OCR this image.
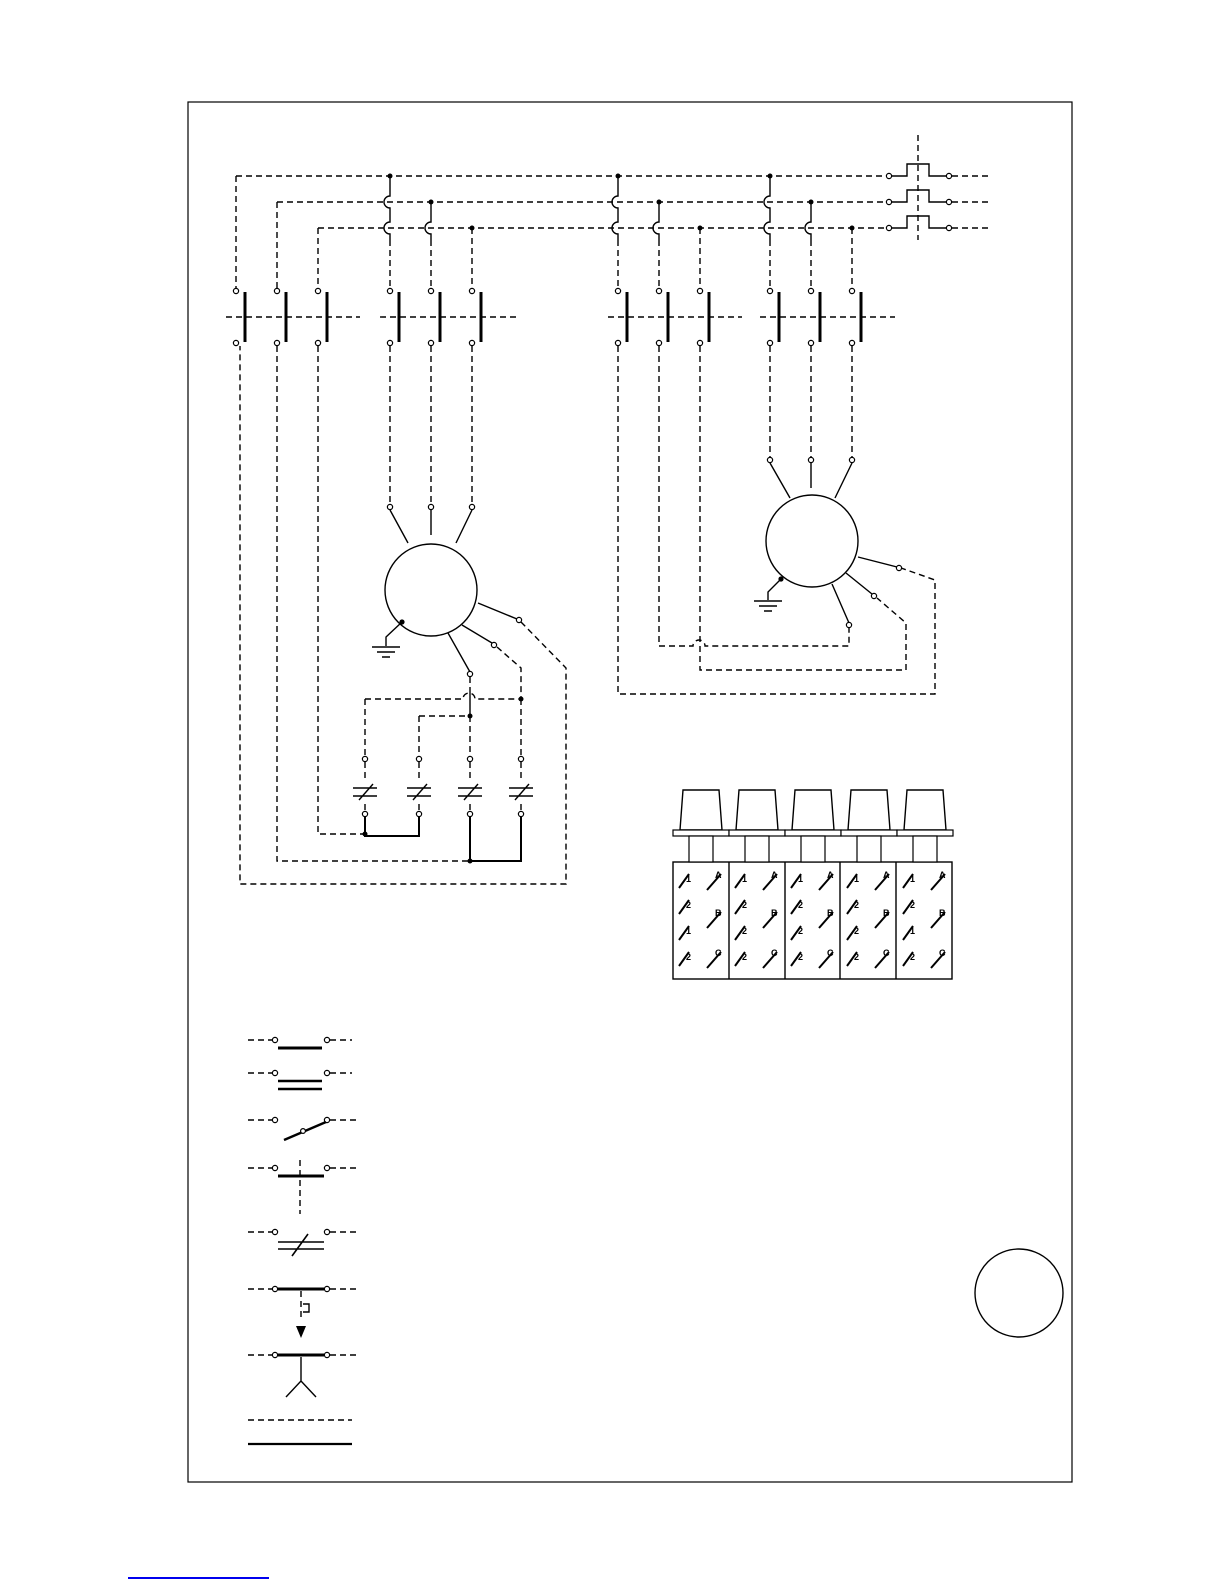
1
2
1
2
A
B
C
1
2
2
2
A
B
C
1
2
2
2
A
B
C
1
2
2
2
A
B
C
1
2
1
2
A
B
C
